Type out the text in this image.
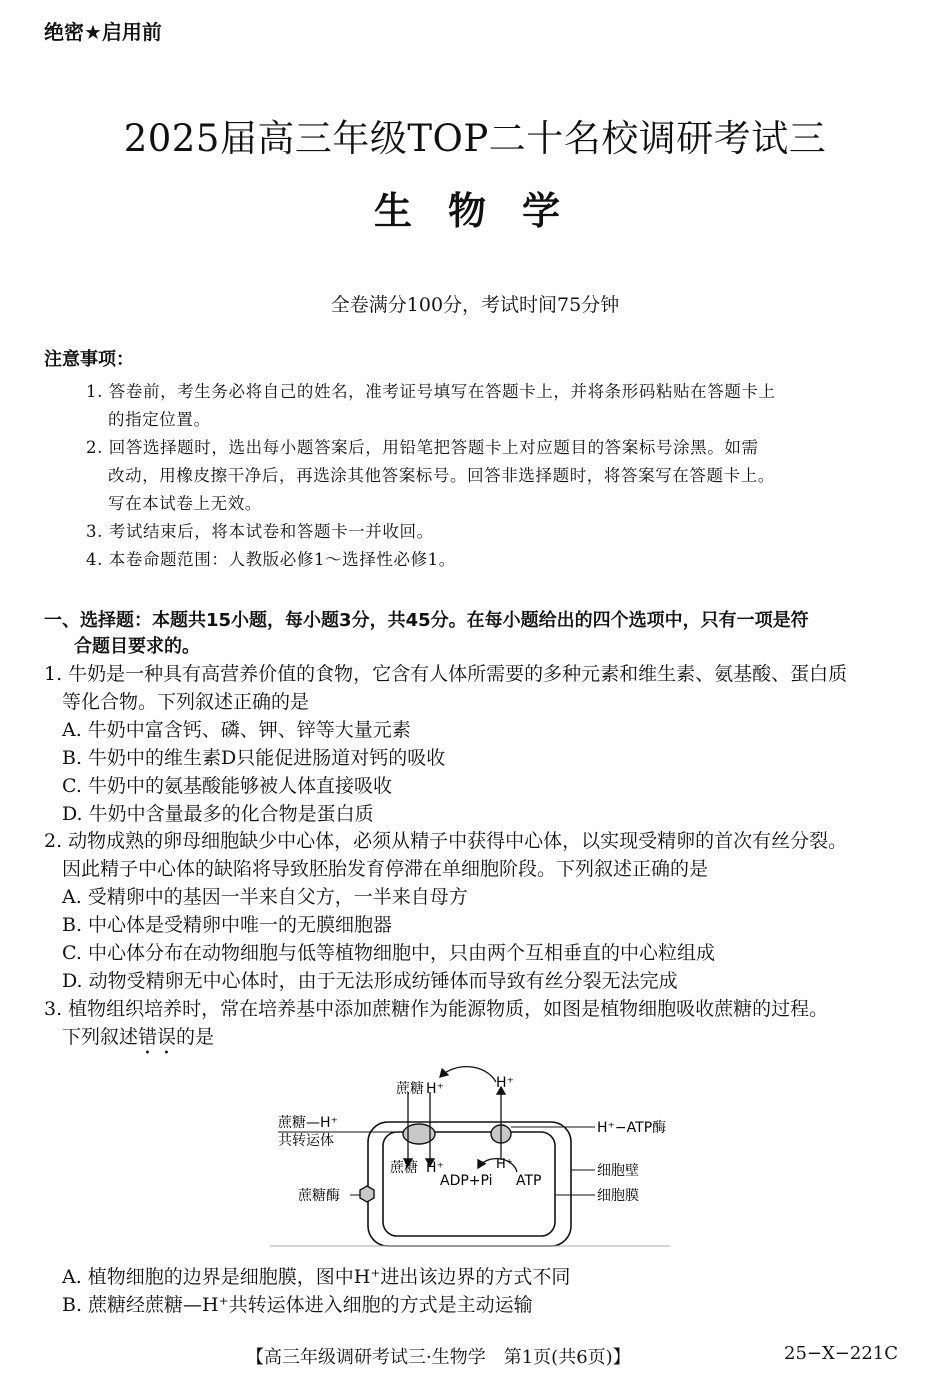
绝密★启用前
2025届高三年级TOP二十名校调研考试三
生物学
全卷满分100分，考试时间75分钟
注意事项：
1. 答卷前，考生务必将自己的姓名，准考证号填写在答题卡上，并将条形码粘贴在答题卡上
的指定位置。
2. 回答选择题时，选出每小题答案后，用铅笔把答题卡上对应题目的答案标号涂黑。如需
改动，用橡皮擦干净后，再选涂其他答案标号。回答非选择题时，将答案写在答题卡上。
写在本试卷上无效。
3. 考试结束后，将本试卷和答题卡一并收回。
4. 本卷命题范围：人教版必修1～选择性必修1。
一、选择题：本题共15小题，每小题3分，共45分。在每小题给出的四个选项中，只有一项是符
合题目要求的。
1. 牛奶是一种具有高营养价值的食物，它含有人体所需要的多种元素和维生素、氨基酸、蛋白质
等化合物。下列叙述正确的是
A. 牛奶中富含钙、磷、钾、锌等大量元素
B. 牛奶中的维生素D只能促进肠道对钙的吸收
C. 牛奶中的氨基酸能够被人体直接吸收
D. 牛奶中含量最多的化合物是蛋白质
2. 动物成熟的卵母细胞缺少中心体，必须从精子中获得中心体，以实现受精卵的首次有丝分裂。
因此精子中心体的缺陷将导致胚胎发育停滞在单细胞阶段。下列叙述正确的是
A. 受精卵中的基因一半来自父方，一半来自母方
B. 中心体是受精卵中唯一的无膜细胞器
C. 中心体分布在动物细胞与低等植物细胞中，只由两个互相垂直的中心粒组成
D. 动物受精卵无中心体时，由于无法形成纺锤体而导致有丝分裂无法完成
3. 植物组织培养时，常在培养基中添加蔗糖作为能源物质，如图是植物细胞吸收蔗糖的过程。
下列叙述错误的是
蔗糖 H⁺	H⁺
蔗糖—H⁺
共转运体
H⁺−ATP酶
蔗糖 H⁺	H⁺
ADP+Pi ATP
细胞壁
蔗糖酶	细胞膜
A. 植物细胞的边界是细胞膜，图中H⁺进出该边界的方式不同
B. 蔗糖经蔗糖—H⁺共转运体进入细胞的方式是主动运输
【高三年级调研考试三·生物学　第1页(共6页)】	25−X−221C
